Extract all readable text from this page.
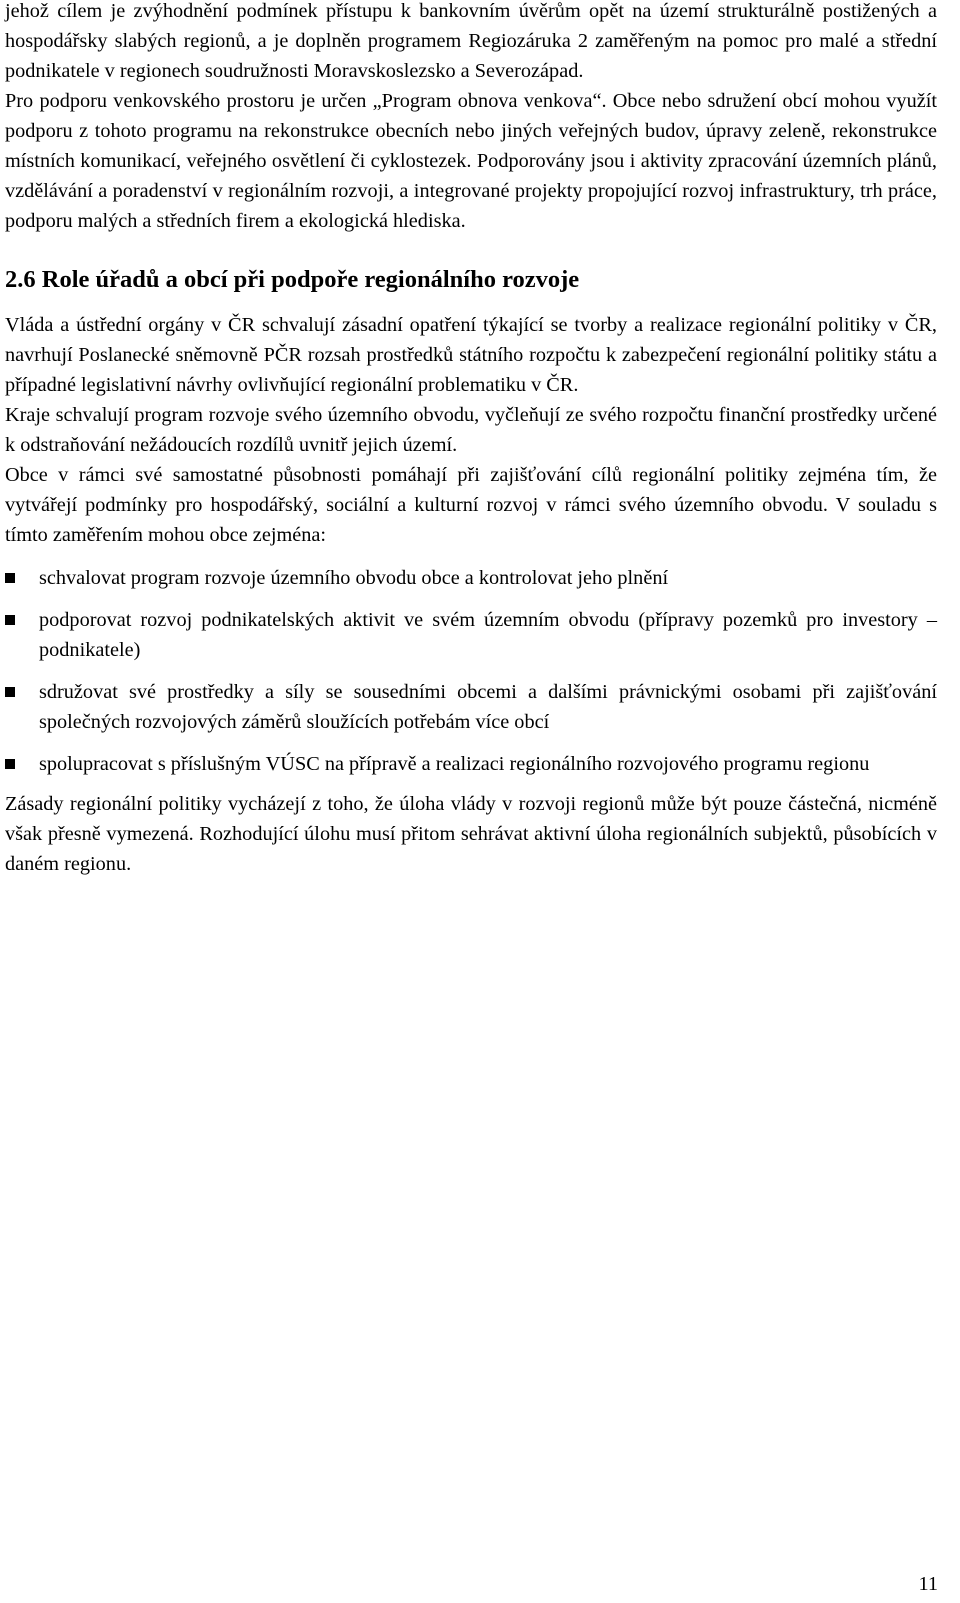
jehož cílem je zvýhodnění podmínek přístupu k bankovním úvěrům opět na území strukturálně postižených a hospodářsky slabých regionů, a je doplněn programem Regiozáruka 2 zaměřeným na pomoc pro malé a střední podnikatele v regionech soudružnosti Moravskoslezsko a Severozápad.

Pro podporu venkovského prostoru je určen „Program obnova venkova“. Obce nebo sdružení obcí mohou využít podporu z tohoto programu na rekonstrukce obecních nebo jiných veřejných budov, úpravy zeleně, rekonstrukce místních komunikací, veřejného osvětlení či cyklostezek. Podporovány jsou i aktivity zpracování územních plánů, vzdělávání a poradenství v regionálním rozvoji, a integrované projekty propojující rozvoj infrastruktury, trh práce, podporu malých a středních firem a ekologická hlediska.

2.6 Role úřadů a obcí při podpoře regionálního rozvoje

Vláda a ústřední orgány v ČR schvalují zásadní opatření týkající se tvorby a realizace regionální politiky v ČR, navrhují Poslanecké sněmovně PČR rozsah prostředků státního rozpočtu k zabezpečení regionální politiky státu a případné legislativní návrhy ovlivňující regionální problematiku v ČR.

Kraje schvalují program rozvoje svého územního obvodu, vyčleňují ze svého rozpočtu finanční prostředky určené k odstraňování nežádoucích rozdílů uvnitř jejich území.

Obce v rámci své samostatné působnosti pomáhají při zajišťování cílů regionální politiky zejména tím, že vytvářejí podmínky pro hospodářský, sociální a kulturní rozvoj v rámci svého územního obvodu. V souladu s tímto zaměřením mohou obce zejména:

schvalovat program rozvoje územního obvodu obce a kontrolovat jeho plnění
podporovat rozvoj podnikatelských aktivit ve svém územním obvodu (přípravy pozemků pro investory – podnikatele)
sdružovat své prostředky a síly se sousedními obcemi a dalšími právnickými osobami při zajišťování společných rozvojových záměrů sloužících potřebám více obcí
spolupracovat s příslušným VÚSC na přípravě a realizaci regionálního rozvojového programu regionu

Zásady regionální politiky vycházejí z toho, že úloha vlády v rozvoji regionů může být pouze částečná, nicméně však přesně vymezená. Rozhodující úlohu musí přitom sehrávat aktivní úloha regionálních subjektů, působících v daném regionu.

11
